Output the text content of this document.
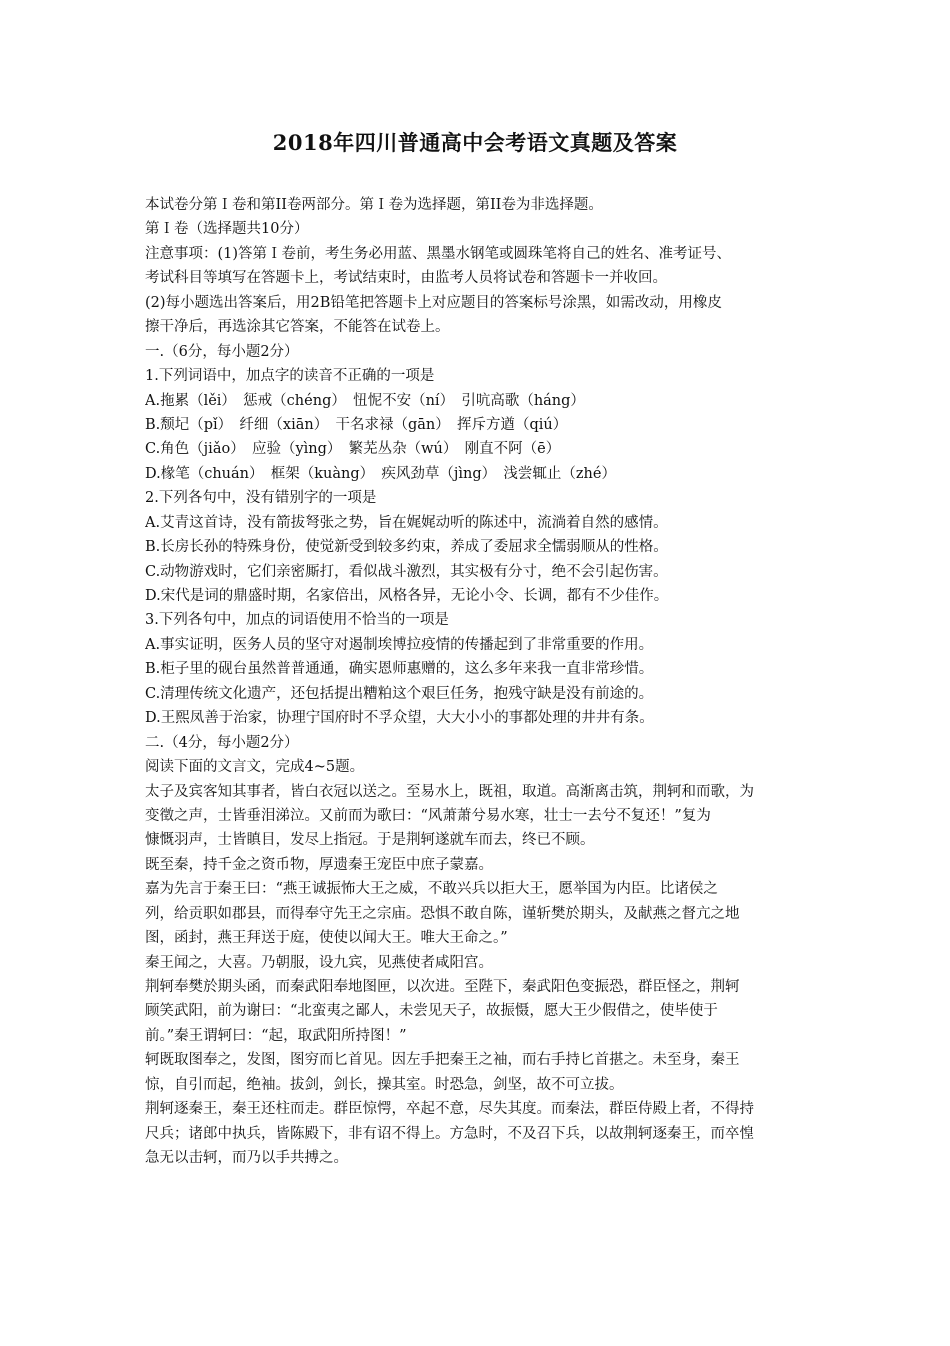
2018年四川普通高中会考语文真题及答案
本试卷分第Ｉ卷和第II卷两部分。第Ｉ卷为选择题，第II卷为非选择题。
第Ｉ卷（选择题共10分）
注意事项：(1)答第Ｉ卷前，考生务必用蓝、黑墨水钢笔或圆珠笔将自己的姓名、准考证号、
考试科目等填写在答题卡上，考试结束时，由监考人员将试卷和答题卡一并收回。
(2)每小题选出答案后，用2B铅笔把答题卡上对应题目的答案标号涂黑，如需改动，用橡皮
擦干净后，再选涂其它答案，不能答在试卷上。
一.（6分，每小题2分）
1.下列词语中，加点字的读音不正确的一项是
A.拖累（lěi）　惩戒（chéng）　忸怩不安（ní）　引吭高歌（háng）
B.颓圮（pǐ）　纤细（xiān）　干名求禄（gān）　挥斥方遒（qiú）
C.角色（jiǎo）　应验（yìng）　繁芜丛杂（wú）　刚直不阿（ē）
D.椽笔（chuán）　框架（kuàng）　疾风劲草（jìng）　浅尝辄止（zhé）
2.下列各句中，没有错别字的一项是
A.艾青这首诗，没有箭拔弩张之势，旨在娓娓动听的陈述中，流淌着自然的感情。
B.长房长孙的特殊身份，使觉新受到较多约束，养成了委屈求全懦弱顺从的性格。
C.动物游戏时，它们亲密厮打，看似战斗激烈，其实极有分寸，绝不会引起伤害。
D.宋代是词的鼎盛时期，名家倍出，风格各异，无论小令、长调，都有不少佳作。
3.下列各句中，加点的词语使用不恰当的一项是
A.事实证明，医务人员的坚守对遏制埃博拉疫情的传播起到了非常重要的作用。
B.柜子里的砚台虽然普普通通，确实恩师惠赠的，这么多年来我一直非常珍惜。
C.清理传统文化遗产，还包括提出糟粕这个艰巨任务，抱残守缺是没有前途的。
D.王熙凤善于治家，协理宁国府时不孚众望，大大小小的事都处理的井井有条。
二.（4分，每小题2分）
阅读下面的文言文，完成4~5题。
太子及宾客知其事者，皆白衣冠以送之。至易水上，既祖，取道。高渐离击筑，荆轲和而歌，为
变徵之声，士皆垂泪涕泣。又前而为歌曰：“风萧萧兮易水寒，壮士一去兮不复还！”复为
慷慨羽声，士皆瞋目，发尽上指冠。于是荆轲遂就车而去，终已不顾。
既至秦，持千金之资币物，厚遗秦王宠臣中庶子蒙嘉。
嘉为先言于秦王曰：“燕王诚振怖大王之威，不敢兴兵以拒大王，愿举国为内臣。比诸侯之
列，给贡职如郡县，而得奉守先王之宗庙。恐惧不敢自陈，谨斩樊於期头，及献燕之督亢之地
图，函封，燕王拜送于庭，使使以闻大王。唯大王命之。”
秦王闻之，大喜。乃朝服，设九宾，见燕使者咸阳宫。
荆轲奉樊於期头函，而秦武阳奉地图匣，以次进。至陛下，秦武阳色变振恐，群臣怪之，荆轲
顾笑武阳，前为谢曰：“北蛮夷之鄙人，未尝见天子，故振慑，愿大王少假借之，使毕使于
前。”秦王谓轲曰：“起，取武阳所持图！”
轲既取图奉之，发图，图穷而匕首见。因左手把秦王之袖，而右手持匕首揕之。未至身，秦王
惊，自引而起，绝袖。拔剑，剑长，操其室。时恐急，剑坚，故不可立拔。
荆轲逐秦王，秦王还柱而走。群臣惊愕，卒起不意，尽失其度。而秦法，群臣侍殿上者，不得持
尺兵；诸郎中执兵，皆陈殿下，非有诏不得上。方急时，不及召下兵，以故荆轲逐秦王，而卒惶
急无以击轲，而乃以手共搏之。
